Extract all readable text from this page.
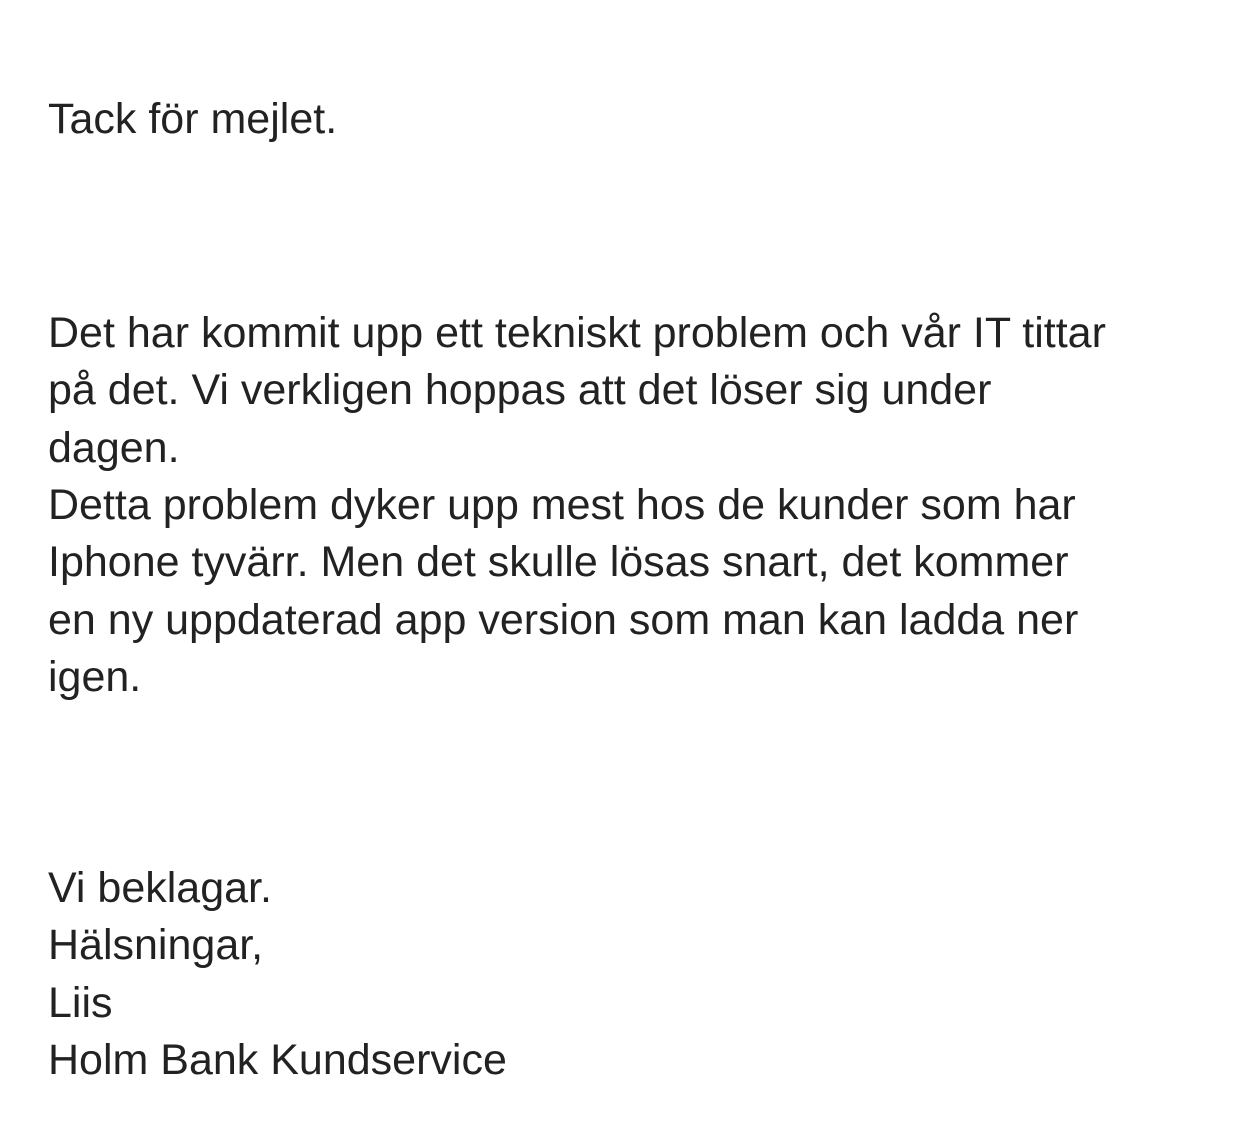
Tack för mejlet.

Det har kommit upp ett tekniskt problem och vår IT tittar
på det. Vi verkligen hoppas att det löser sig under
dagen.
Detta problem dyker upp mest hos de kunder som har
Iphone tyvärr. Men det skulle lösas snart, det kommer
en ny uppdaterad app version som man kan ladda ner
igen.
Vi beklagar.
Hälsningar,
Liis
Holm Bank Kundservice
